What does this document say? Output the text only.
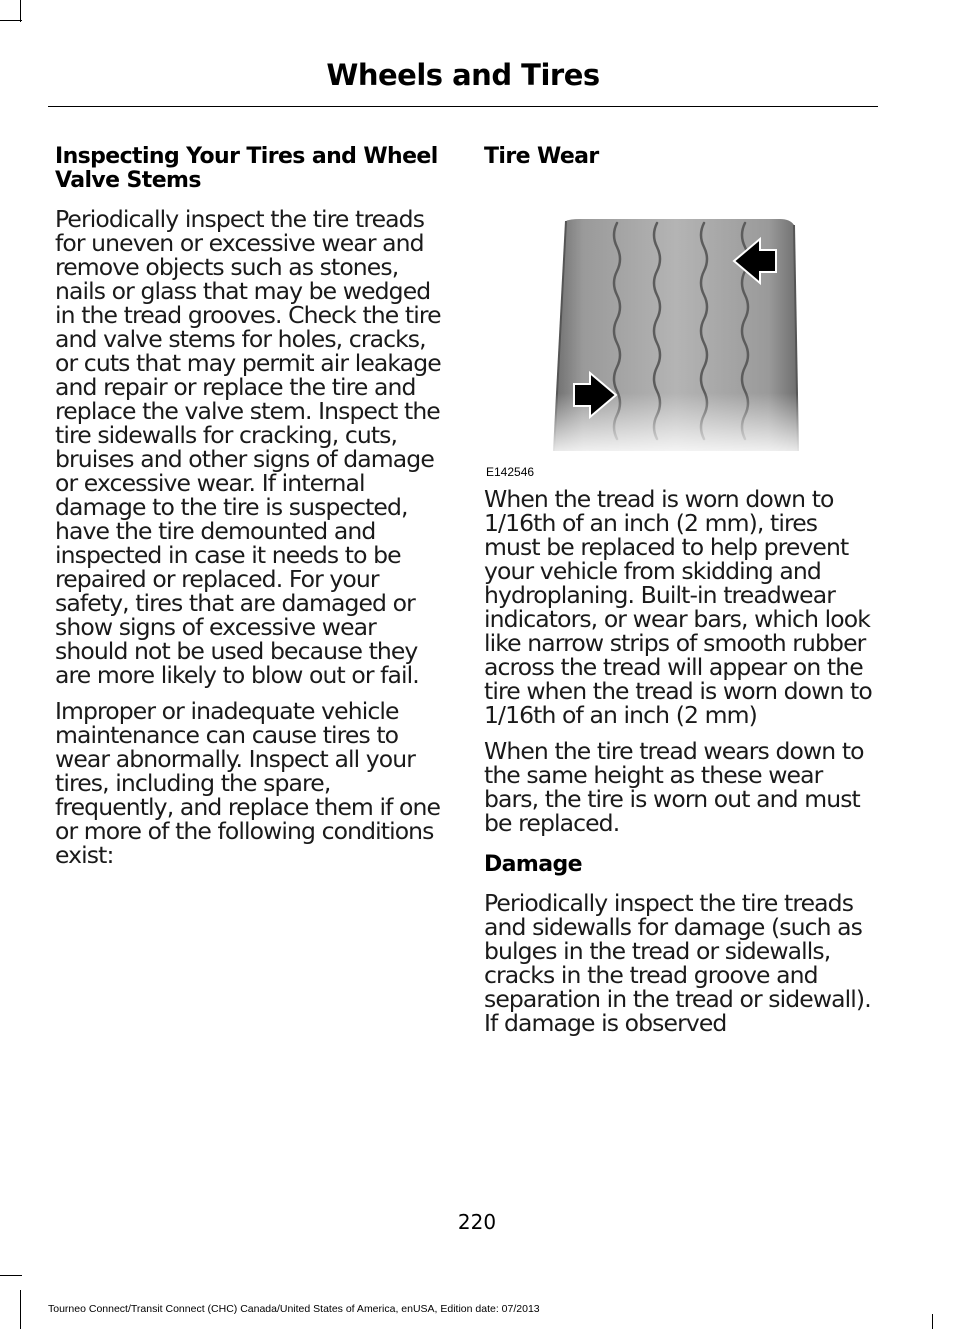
Wheels and Tires
Inspecting Your Tires and Wheel Valve Stems

Periodically inspect the tire treads for uneven or excessive wear and remove objects such as stones, nails or glass that may be wedged in the tread grooves. Check the tire and valve stems for holes, cracks, or cuts that may permit air leakage and repair or replace the tire and replace the valve stem. Inspect the tire sidewalls for cracking, cuts, bruises and other signs of damage or excessive wear. If internal damage to the tire is suspected, have the tire demounted and inspected in case it needs to be repaired or replaced. For your safety, tires that are damaged or show signs of excessive wear should not be used because they are more likely to blow out or fail.

Improper or inadequate vehicle maintenance can cause tires to wear abnormally. Inspect all your tires, including the spare, frequently, and replace them if one or more of the following conditions exist:

Tire Wear
E142546

When the tread is worn down to 1/16th of an inch (2 mm), tires must be replaced to help prevent your vehicle from skidding and hydroplaning. Built-in treadwear indicators, or wear bars, which look like narrow strips of smooth rubber across the tread will appear on the tire when the tread is worn down to 1/16th of an inch (2 mm)

When the tire tread wears down to the same height as these wear bars, the tire is worn out and must be replaced.

Damage

Periodically inspect the tire treads and sidewalls for damage (such as bulges in the tread or sidewalls, cracks in the tread groove and separation in the tread or sidewall). If damage is observed

220
Tourneo Connect/Transit Connect (CHC) Canada/United States of America, enUSA, Edition date: 07/2013
